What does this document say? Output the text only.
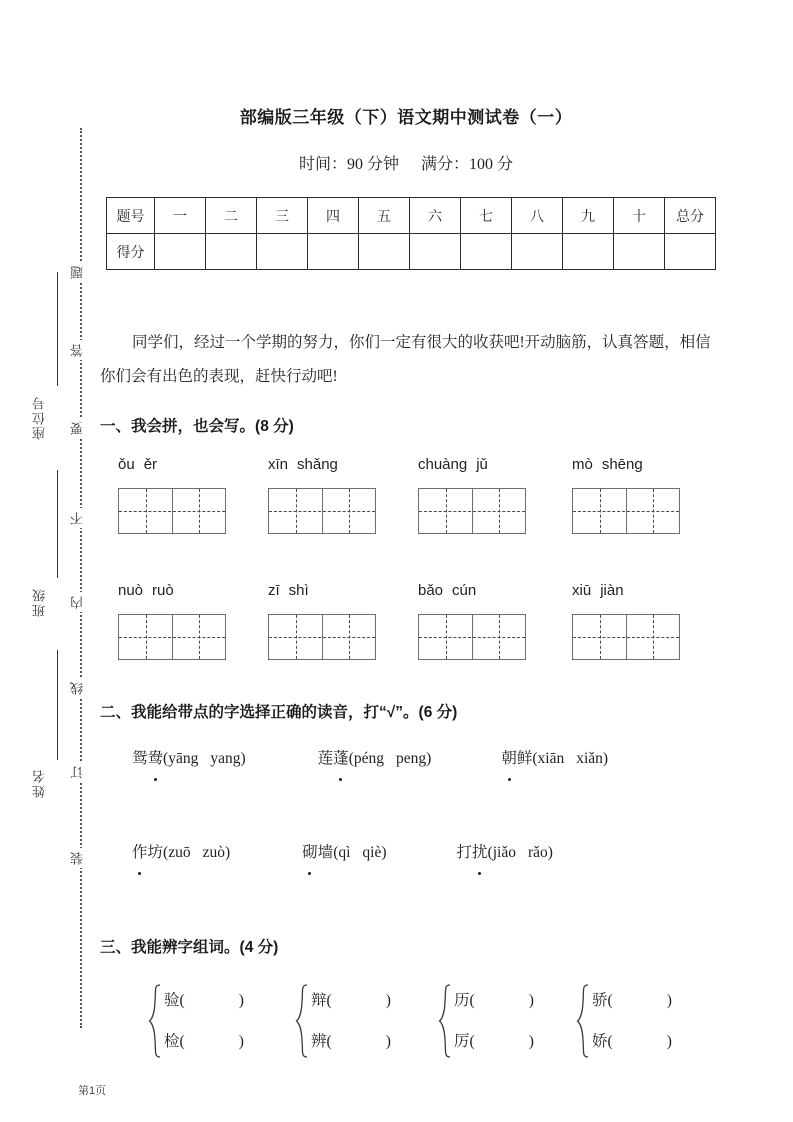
题
答
要
不
内
线
订
装
座位号
班级
姓名
部编版三年级（下）语文期中测试卷（一）
时间：90 分钟 满分：100 分
题号	一	二	三	四	五	六	七	八	九	十	总分
得分											
同学们，经过一个学期的努力，你们一定有很大的收获吧!开动脑筋，认真答题，相信你们会有出色的表现，赶快行动吧!
一、我会拼，也会写。(8 分)
ǒu ěr	xīn shǎng	chuàng jǔ	mò shēng
nuò ruò	zī shì	bǎo cún	xiū jiàn
二、我能给带点的字选择正确的读音，打“√”。(6 分)
鸳鸯(yāng yang)	莲蓬(péng peng)	朝鲜(xiān xiǎn)
作坊(zuō zuò)	砌墙(qì qiè)	打扰(jiǎo rǎo)
三、我能辨字组词。(4 分)
验(	)
检(	)
辩(	)
辨(	)
历(	)
厉(	)
骄(	)
娇(	)
第1页
